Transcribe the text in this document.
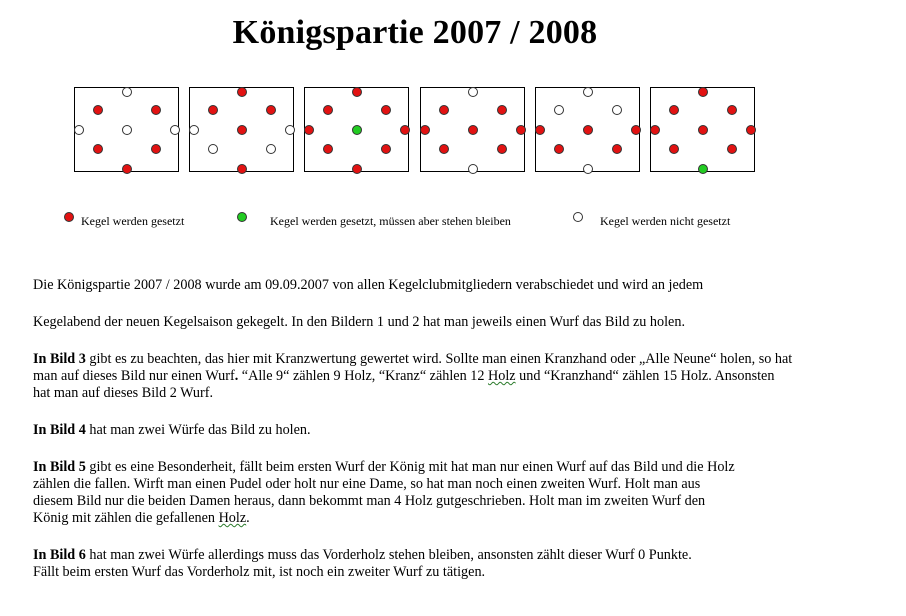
Königspartie 2007 / 2008
Kegel werden gesetzt	Kegel werden gesetzt, müssen aber stehen bleiben	Kegel werden nicht gesetzt

Die Königspartie 2007 / 2008 wurde am 09.09.2007 von allen Kegelclubmitgliedern verabschiedet und wird an jedem

Kegelabend der neuen Kegelsaison gekegelt. In den Bildern 1 und 2 hat man jeweils einen Wurf das Bild zu holen.

In Bild 3 gibt es zu beachten, das hier mit Kranzwertung gewertet wird. Sollte man einen Kranzhand oder „Alle Neune“ holen, so hat
man auf dieses Bild nur einen Wurf. “Alle 9“ zählen 9 Holz, “Kranz“ zählen 12 Holz und “Kranzhand“ zählen 15 Holz. Ansonsten
hat man auf dieses Bild 2 Wurf.

In Bild 4 hat man zwei Würfe das Bild zu holen.

In Bild 5 gibt es eine Besonderheit, fällt beim ersten Wurf der König mit hat man nur einen Wurf auf das Bild und die Holz
zählen die fallen. Wirft man einen Pudel oder holt nur eine Dame, so hat man noch einen zweiten Wurf. Holt man aus
diesem Bild nur die beiden Damen heraus, dann bekommt man 4 Holz gutgeschrieben. Holt man im zweiten Wurf den
König mit zählen die gefallenen Holz.

In Bild 6 hat man zwei Würfe allerdings muss das Vorderholz stehen bleiben, ansonsten zählt dieser Wurf 0 Punkte.
Fällt beim ersten Wurf das Vorderholz mit, ist noch ein zweiter Wurf zu tätigen.
